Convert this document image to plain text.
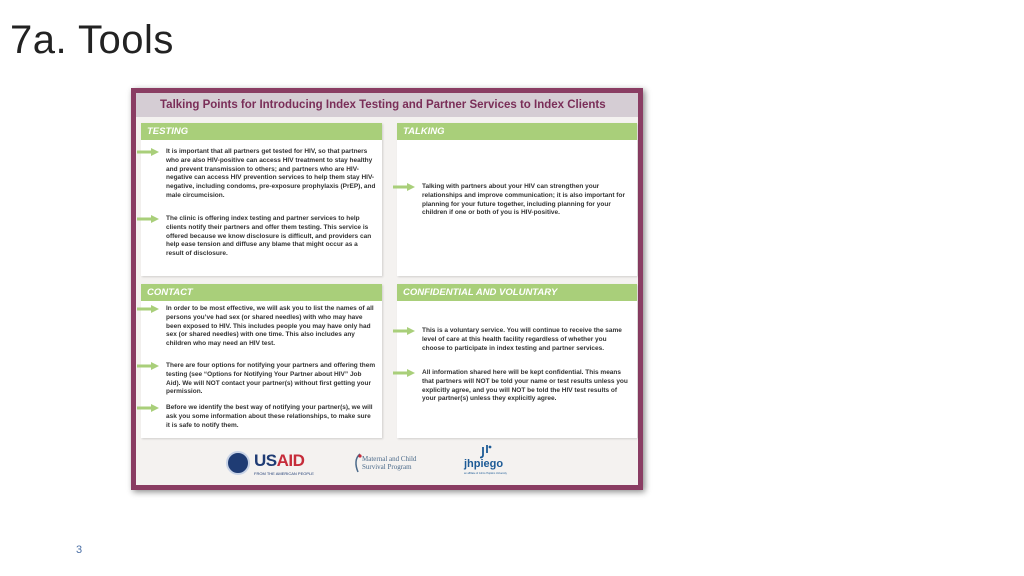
7a. Tools
Talking Points for Introducing Index Testing and Partner Services to Index Clients
TESTING
It is important that all partners get tested for HIV, so that partners who are also HIV-positive can access HIV treatment to stay healthy and prevent transmission to others; and partners who are HIV-negative can access HIV prevention services to help them stay HIV-negative, including condoms, pre-exposure prophylaxis (PrEP), and male circumcision.
The clinic is offering index testing and partner services to help clients notify their partners and offer them testing. This service is offered because we know disclosure is difficult, and providers can help ease tension and diffuse any blame that might occur as a result of disclosure.
TALKING
Talking with partners about your HIV can strengthen your relationships and improve communication; it is also important for planning for your future together, including planning for your children if one or both of you is HIV-positive.
CONTACT
In order to be most effective, we will ask you to list the names of all persons you’ve had sex (or shared needles) with who may have been exposed to HIV. This includes people you may have only had sex (or shared needles) with one time. This also includes any children who may need an HIV test.
There are four options for notifying your partners and offering them testing (see “Options for Notifying Your Partner about HIV” Job Aid). We will NOT contact your partner(s) without first getting your permission.
Before we identify the best way of notifying your partner(s), we will ask you some information about these relationships, to make sure it is safe to notify them.
CONFIDENTIAL AND VOLUNTARY
This is a voluntary service. You will continue to receive the same level of care at this health facility regardless of whether you choose to participate in index testing and partner services.
All information shared here will be kept confidential. This means that partners will NOT be told your name or test results unless you explicitly agree, and you will NOT be told the HIV test results of your partner(s) unless they explicitly agree.
USAID
FROM THE AMERICAN PEOPLE
Maternal and Child
Survival Program	jhpiego
an affiliate of Johns Hopkins University
3
